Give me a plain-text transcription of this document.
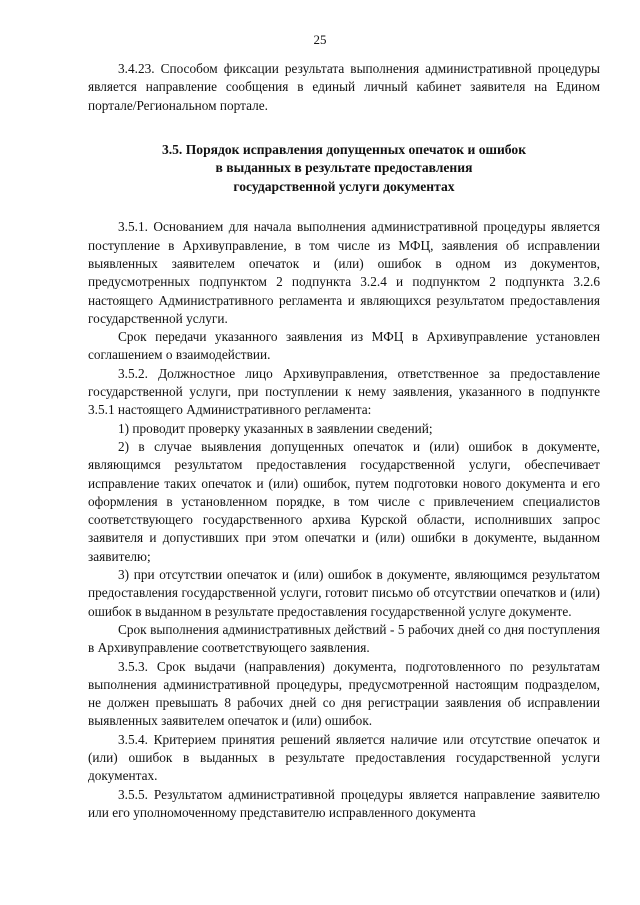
25

3.4.23. Способом фиксации результата выполнения административной процедуры является направление сообщения в единый личный кабинет заявителя на Едином портале/Региональном портале.

3.5. Порядок исправления допущенных опечаток и ошибок
в выданных в результате предоставления
государственной услуги документах

3.5.1. Основанием для начала выполнения административной процедуры является поступление в Архивуправление, в том числе из МФЦ, заявления об исправлении выявленных заявителем опечаток и (или) ошибок в одном из документов, предусмотренных подпунктом 2 подпункта 3.2.4 и подпунктом 2 подпункта 3.2.6 настоящего Административного регламента и являющихся результатом предоставления государственной услуги.

Срок передачи указанного заявления из МФЦ в Архивуправление установлен соглашением о взаимодействии.

3.5.2. Должностное лицо Архивуправления, ответственное за предоставление государственной услуги, при поступлении к нему заявления, указанного в подпункте 3.5.1 настоящего Административного регламента:

1) проводит проверку указанных в заявлении сведений;

2) в случае выявления допущенных опечаток и (или) ошибок в документе, являющимся результатом предоставления государственной услуги, обеспечивает исправление таких опечаток и (или) ошибок, путем подготовки нового документа и его оформления в установленном порядке, в том числе с привлечением специалистов соответствующего государственного архива Курской области, исполнивших запрос заявителя и допустивших при этом опечатки и (или) ошибки в документе, выданном заявителю;

3) при отсутствии опечаток и (или) ошибок в документе, являющимся результатом предоставления государственной услуги, готовит письмо об отсутствии опечатков и (или) ошибок в выданном в результате предоставления государственной услуге документе.

Срок выполнения административных действий - 5 рабочих дней со дня поступления в Архивуправление соответствующего заявления.

3.5.3. Срок выдачи (направления) документа, подготовленного по результатам выполнения административной процедуры, предусмотренной настоящим подразделом, не должен превышать 8 рабочих дней со дня регистрации заявления об исправлении выявленных заявителем опечаток и (или) ошибок.

3.5.4. Критерием принятия решений является наличие или отсутствие опечаток и (или) ошибок в выданных в результате предоставления государственной услуги документах.

3.5.5. Результатом административной процедуры является направление заявителю или его уполномоченному представителю исправленного документа
